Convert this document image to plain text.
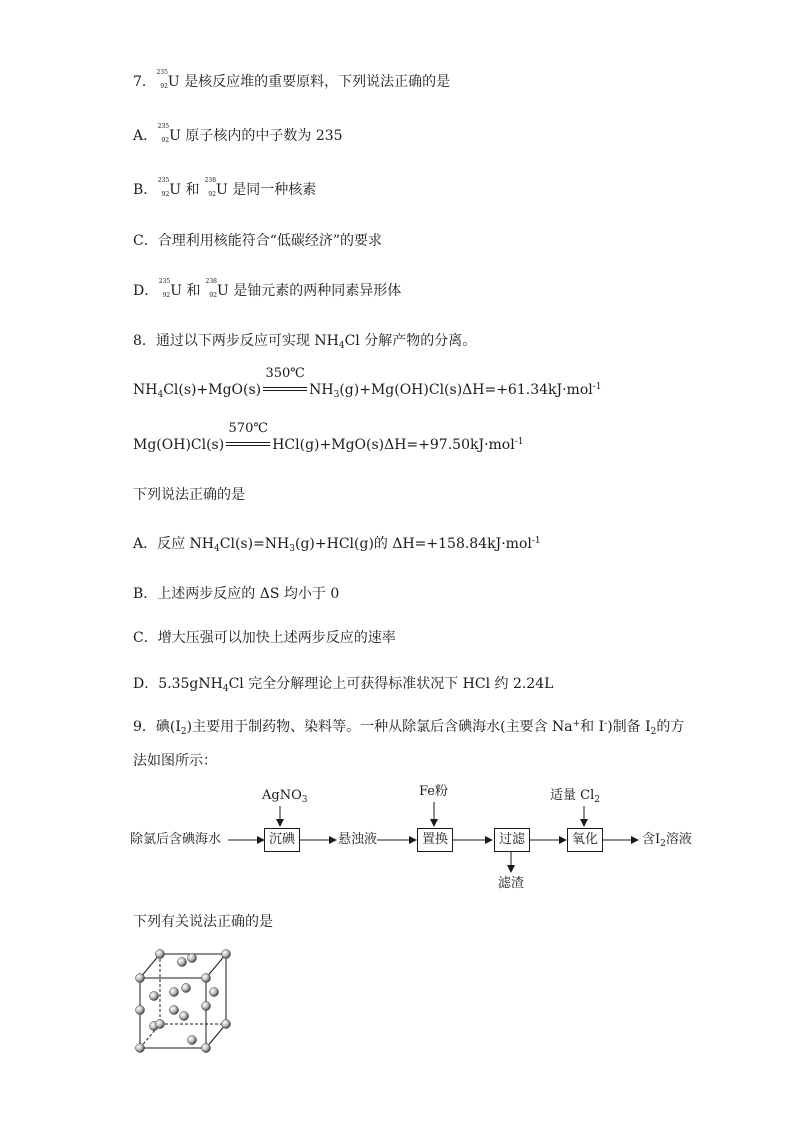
7．
235
92 U 是核反应堆的重要原料，下列说法正确的是
A．
235
92 U 原子核内的中子数为 235
B．
235
92 U 和
238
92 U 是同一种核素
C．合理利用核能符合“低碳经济”的要求
D．
235
92 U 和
238
92 U 是铀元素的两种同素异形体
8．通过以下两步反应可实现 $NH_4Cl$ 分解产物的分离。
$NH_4Cl(s)+MgO(s)$
350℃
$NH_3(g)+Mg(OH)Cl(s)\Delta H=+61.34kJ\cdot mol^{-1}$
Mg(OH)Cl(s)
570℃
HCl(g)+MgO(s)ΔH=+97.50kJ·mol$^{-1}$
下列说法正确的是
A．反应 $NH_4Cl(s)=NH_3(g)+HCl(g)$的 ΔH=+158.84kJ·mol$^{-1}$
B．上述两步反应的 ΔS 均小于 0
C．增大压强可以加快上述两步反应的速率
D．5.35gNH$_4$Cl 完全分解理论上可获得标准状况下 HCl 约 2.24L
9．碘$(I_2)$主要用于制药物、染料等。一种从除氯后含碘海水(主要含 Na+和 I-)制备 $I_2$的方
法如图所示：
除氯后含碘海水
AgNO$_3$
沉碘	悬浊液
Fe粉
置换	过滤
滤渣
适量 $Cl_2$
氧化	含$I_2$溶液
下列有关说法正确的是
